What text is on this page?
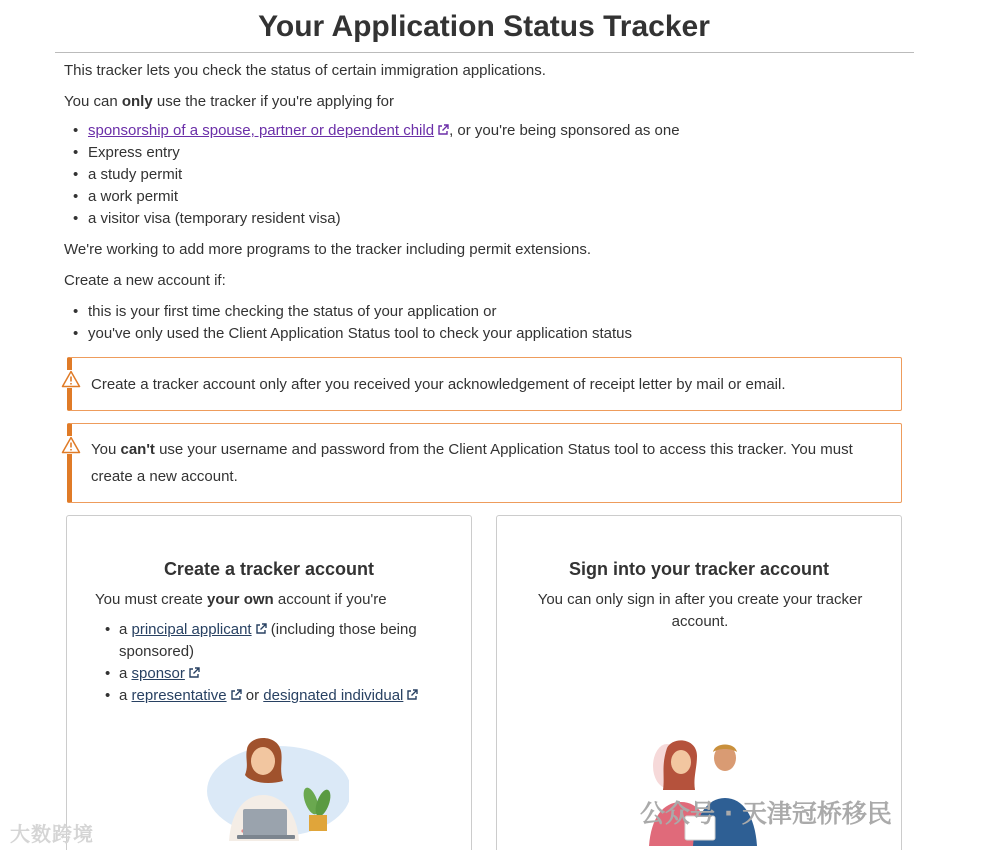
Your Application Status Tracker

This tracker lets you check the status of certain immigration applications.

You can only use the tracker if you're applying for

• sponsorship of a spouse, partner or dependent child , or you're being sponsored as one
• Express entry
• a study permit
• a work permit
• a visitor visa (temporary resident visa)

We're working to add more programs to the tracker including permit extensions.

Create a new account if:

• this is your first time checking the status of your application or
• you've only used the Client Application Status tool to check your application status
Create a tracker account only after you received your acknowledgement of receipt letter by mail or email.
You can't use your username and password from the Client Application Status tool to access this tracker. You must create a new account.
Create a tracker account

You must create your own account if you're

• a principal applicant (including those being sponsored)
• a sponsor
• a representative or designated individual
Sign into your tracker account

You can only sign in after you create your tracker account.

大数跨境
公众号 · 天津冠桥移民
